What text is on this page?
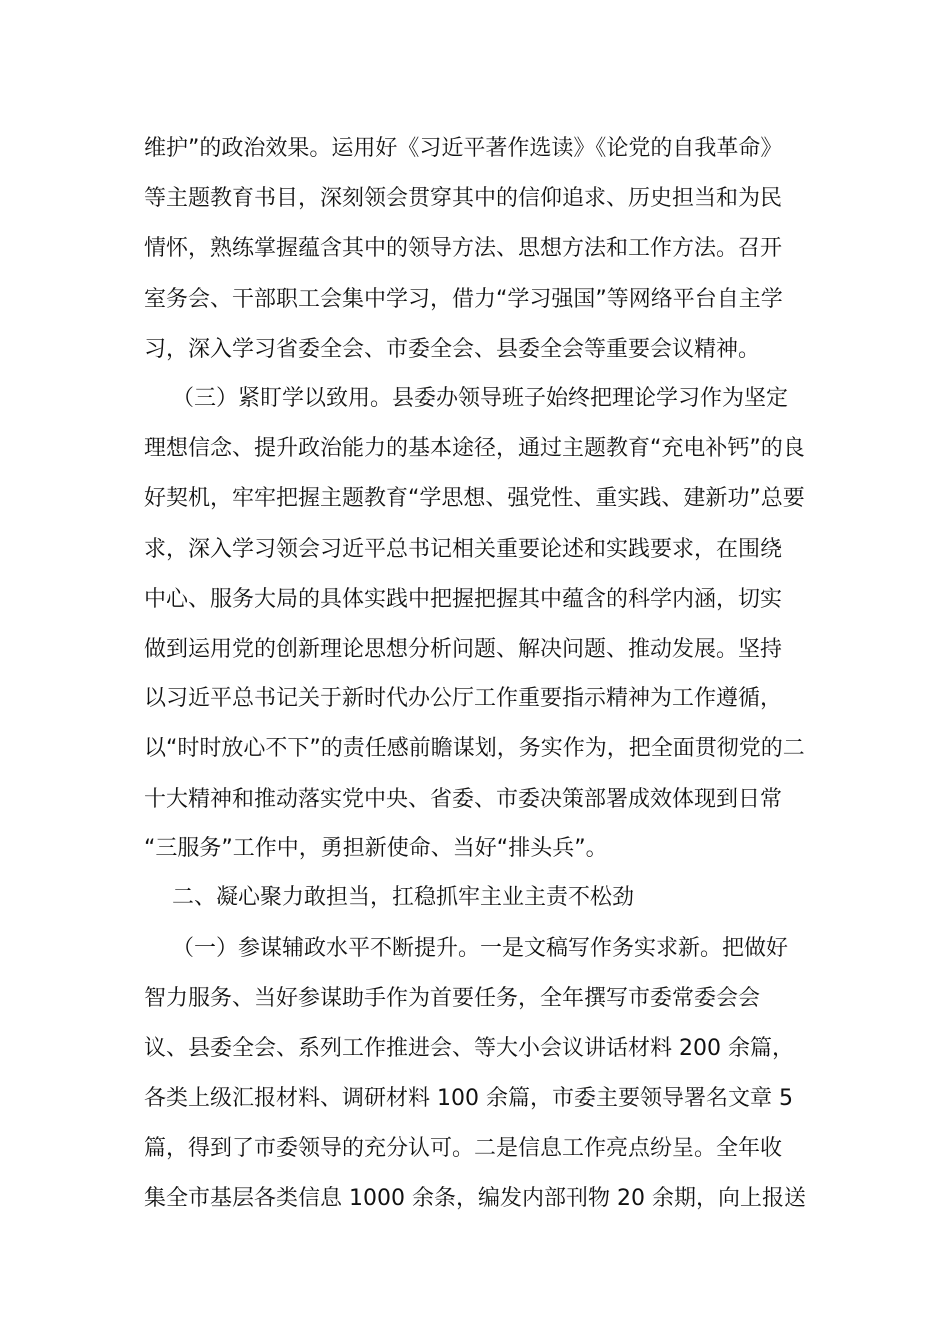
维护”的政治效果。运用好《习近平著作选读》《论党的自我革命》
等主题教育书目，深刻领会贯穿其中的信仰追求、历史担当和为民
情怀，熟练掌握蕴含其中的领导方法、思想方法和工作方法。召开
室务会、干部职工会集中学习，借力“学习强国”等网络平台自主学
习，深入学习省委全会、市委全会、县委全会等重要会议精神。
（三）紧盯学以致用。县委办领导班子始终把理论学习作为坚定
理想信念、提升政治能力的基本途径，通过主题教育“充电补钙”的良
好契机，牢牢把握主题教育“学思想、强党性、重实践、建新功”总要
求，深入学习领会习近平总书记相关重要论述和实践要求，在围绕
中心、服务大局的具体实践中把握把握其中蕴含的科学内涵，切实
做到运用党的创新理论思想分析问题、解决问题、推动发展。坚持
以习近平总书记关于新时代办公厅工作重要指示精神为工作遵循，
以“时时放心不下”的责任感前瞻谋划，务实作为，把全面贯彻党的二
十大精神和推动落实党中央、省委、市委决策部署成效体现到日常
“三服务”工作中，勇担新使命、当好“排头兵”。
二、凝心聚力敢担当，扛稳抓牢主业主责不松劲
（一）参谋辅政水平不断提升。一是文稿写作务实求新。把做好
智力服务、当好参谋助手作为首要任务，全年撰写市委常委会会
议、县委全会、系列工作推进会、等大小会议讲话材料 200 余篇，
各类上级汇报材料、调研材料 100 余篇，市委主要领导署名文章 5
篇，得到了市委领导的充分认可。二是信息工作亮点纷呈。全年收
集全市基层各类信息 1000 余条，编发内部刊物 20 余期，向上报送
